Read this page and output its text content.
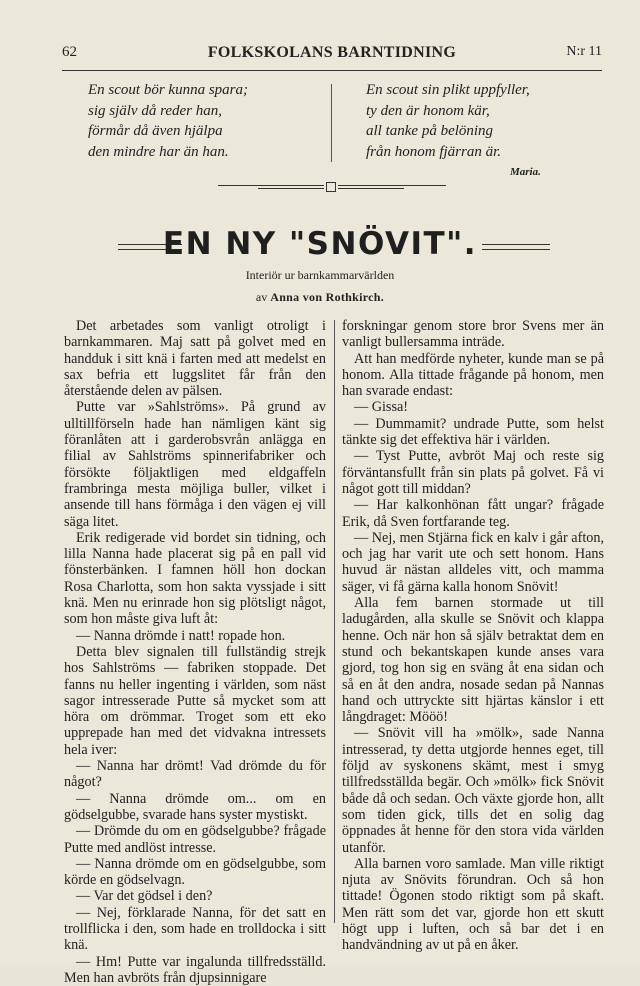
62	FOLKSKOLANS BARNTIDNING	N:r 11
En scout bör kunna spara;
sig själv då reder han,
förmår då även hjälpa
den mindre har än han.
En scout sin plikt uppfyller,
ty den är honom kär,
all tanke på belöning
från honom fjärran är.
Maria.
EN NY "SNÖVIT".
Interiör ur barnkammarvärlden
av Anna von Rothkirch.

Det arbetades som vanligt otroligt i barnkammaren. Maj satt på golvet med en handduk i sitt knä i farten med att medelst en sax befria ett luggslitet får från den återstående delen av pälsen.

Putte var »Sahlströms». På grund av ulltillförseln hade han nämligen känt sig föranlåten att i garderobsvrån anlägga en filial av Sahlströms spinnerifabriker och försökte följaktligen med eldgaffeln frambringa mesta möjliga buller, vilket i ansende till hans förmåga i den vägen ej vill säga litet.

Erik redigerade vid bordet sin tidning, och lilla Nanna hade placerat sig på en pall vid fönsterbänken. I famnen höll hon dockan Rosa Charlotta, som hon sakta vyssjade i sitt knä. Men nu erinrade hon sig plötsligt något, som hon måste giva luft åt:

— Nanna drömde i natt! ropade hon.

Detta blev signalen till fullständig strejk hos Sahlströms — fabriken stoppade. Det fanns nu heller ingenting i världen, som näst sagor intresserade Putte så mycket som att höra om drömmar. Troget som ett eko upprepade han med det vidvakna intressets hela iver:

— Nanna har drömt! Vad drömde du för något?

— Nanna drömde om... om en gödselgubbe, svarade hans syster mystiskt.

— Drömde du om en gödselgubbe? frågade Putte med andlöst intresse.

— Nanna drömde om en gödselgubbe, som körde en gödselvagn.

— Var det gödsel i den?

— Nej, förklarade Nanna, för det satt en trollflicka i den, som hade en trolldocka i sitt knä.

— Hm! Putte var ingalunda tillfredsställd. Men han avbröts från djupsinnigare

forskningar genom store bror Svens mer än vanligt bullersamma inträde.

Att han medförde nyheter, kunde man se på honom. Alla tittade frågande på honom, men han svarade endast:

— Gissa!

— Dummamit? undrade Putte, som helst tänkte sig det effektiva här i världen.

— Tyst Putte, avbröt Maj och reste sig förväntansfullt från sin plats på golvet. Få vi något gott till middan?

— Har kalkonhönan fått ungar? frågade Erik, då Sven fortfarande teg.

— Nej, men Stjärna fick en kalv i går afton, och jag har varit ute och sett honom. Hans huvud är nästan alldeles vitt, och mamma säger, vi få gärna kalla honom Snövit!

Alla fem barnen stormade ut till ladugården, alla skulle se Snövit och klappa henne. Och när hon så själv betraktat dem en stund och bekantskapen kunde anses vara gjord, tog hon sig en sväng åt ena sidan och så en åt den andra, nosade sedan på Nannas hand och uttryckte sitt hjärtas känslor i ett långdraget: Mööö!

— Snövit vill ha »mölk», sade Nanna intresserad, ty detta utgjorde hennes eget, till följd av syskonens skämt, mest i smyg tillfredsställda begär. Och »mölk» fick Snövit både då och sedan. Och växte gjorde hon, allt som tiden gick, tills det en solig dag öppnades åt henne för den stora vida världen utanför.

Alla barnen voro samlade. Man ville riktigt njuta av Snövits förundran. Och så hon tittade! Ögonen stodo riktigt som på skaft. Men rätt som det var, gjorde hon ett skutt högt upp i luften, och så bar det i en handvändning av ut på en åker.
